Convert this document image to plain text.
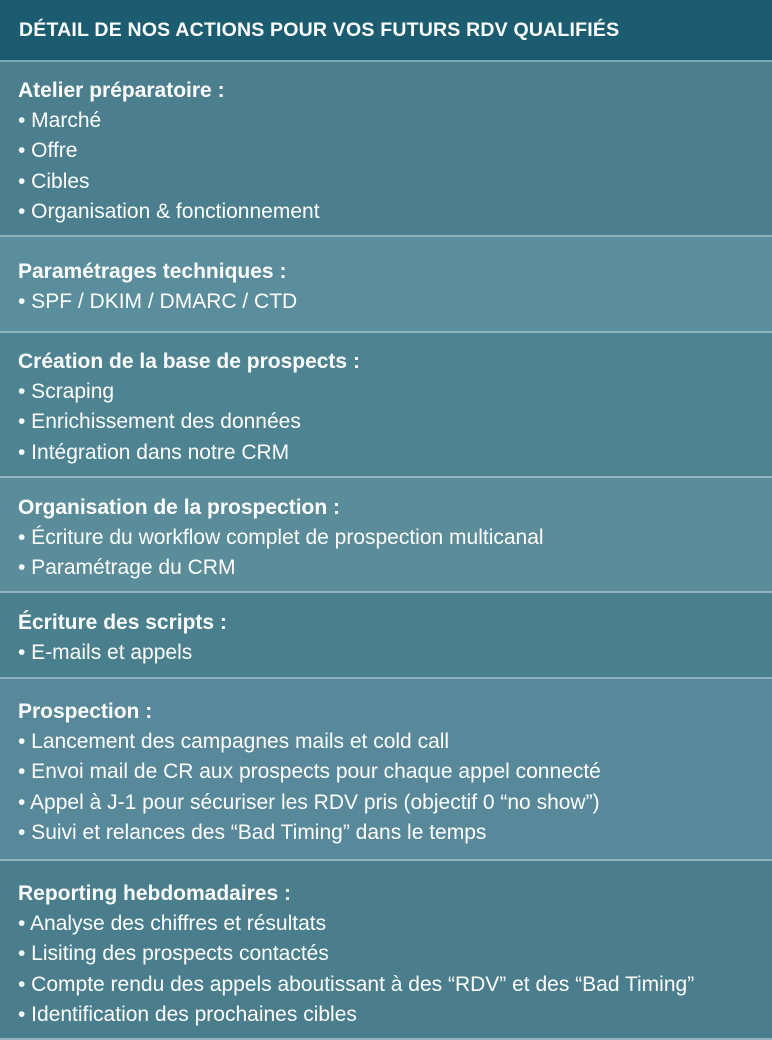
DÉTAIL DE NOS ACTIONS POUR VOS FUTURS RDV QUALIFIÉS
Atelier préparatoire :
• Marché
• Offre
• Cibles
• Organisation & fonctionnement
Paramétrages techniques :
• SPF / DKIM / DMARC / CTD
Création de la base de prospects :
• Scraping
• Enrichissement des données
• Intégration dans notre CRM
Organisation de la prospection :
• Écriture du workflow complet de prospection multicanal
• Paramétrage du CRM
Écriture des scripts :
• E-mails et appels
Prospection :
• Lancement des campagnes mails et cold call
• Envoi mail de CR aux prospects pour chaque appel connecté
• Appel à J-1 pour sécuriser les RDV pris (objectif 0 “no show”)
• Suivi et relances des “Bad Timing” dans le temps
Reporting hebdomadaires :
• Analyse des chiffres et résultats
• Lisiting des prospects contactés
• Compte rendu des appels aboutissant à des “RDV” et des “Bad Timing”
• Identification des prochaines cibles
